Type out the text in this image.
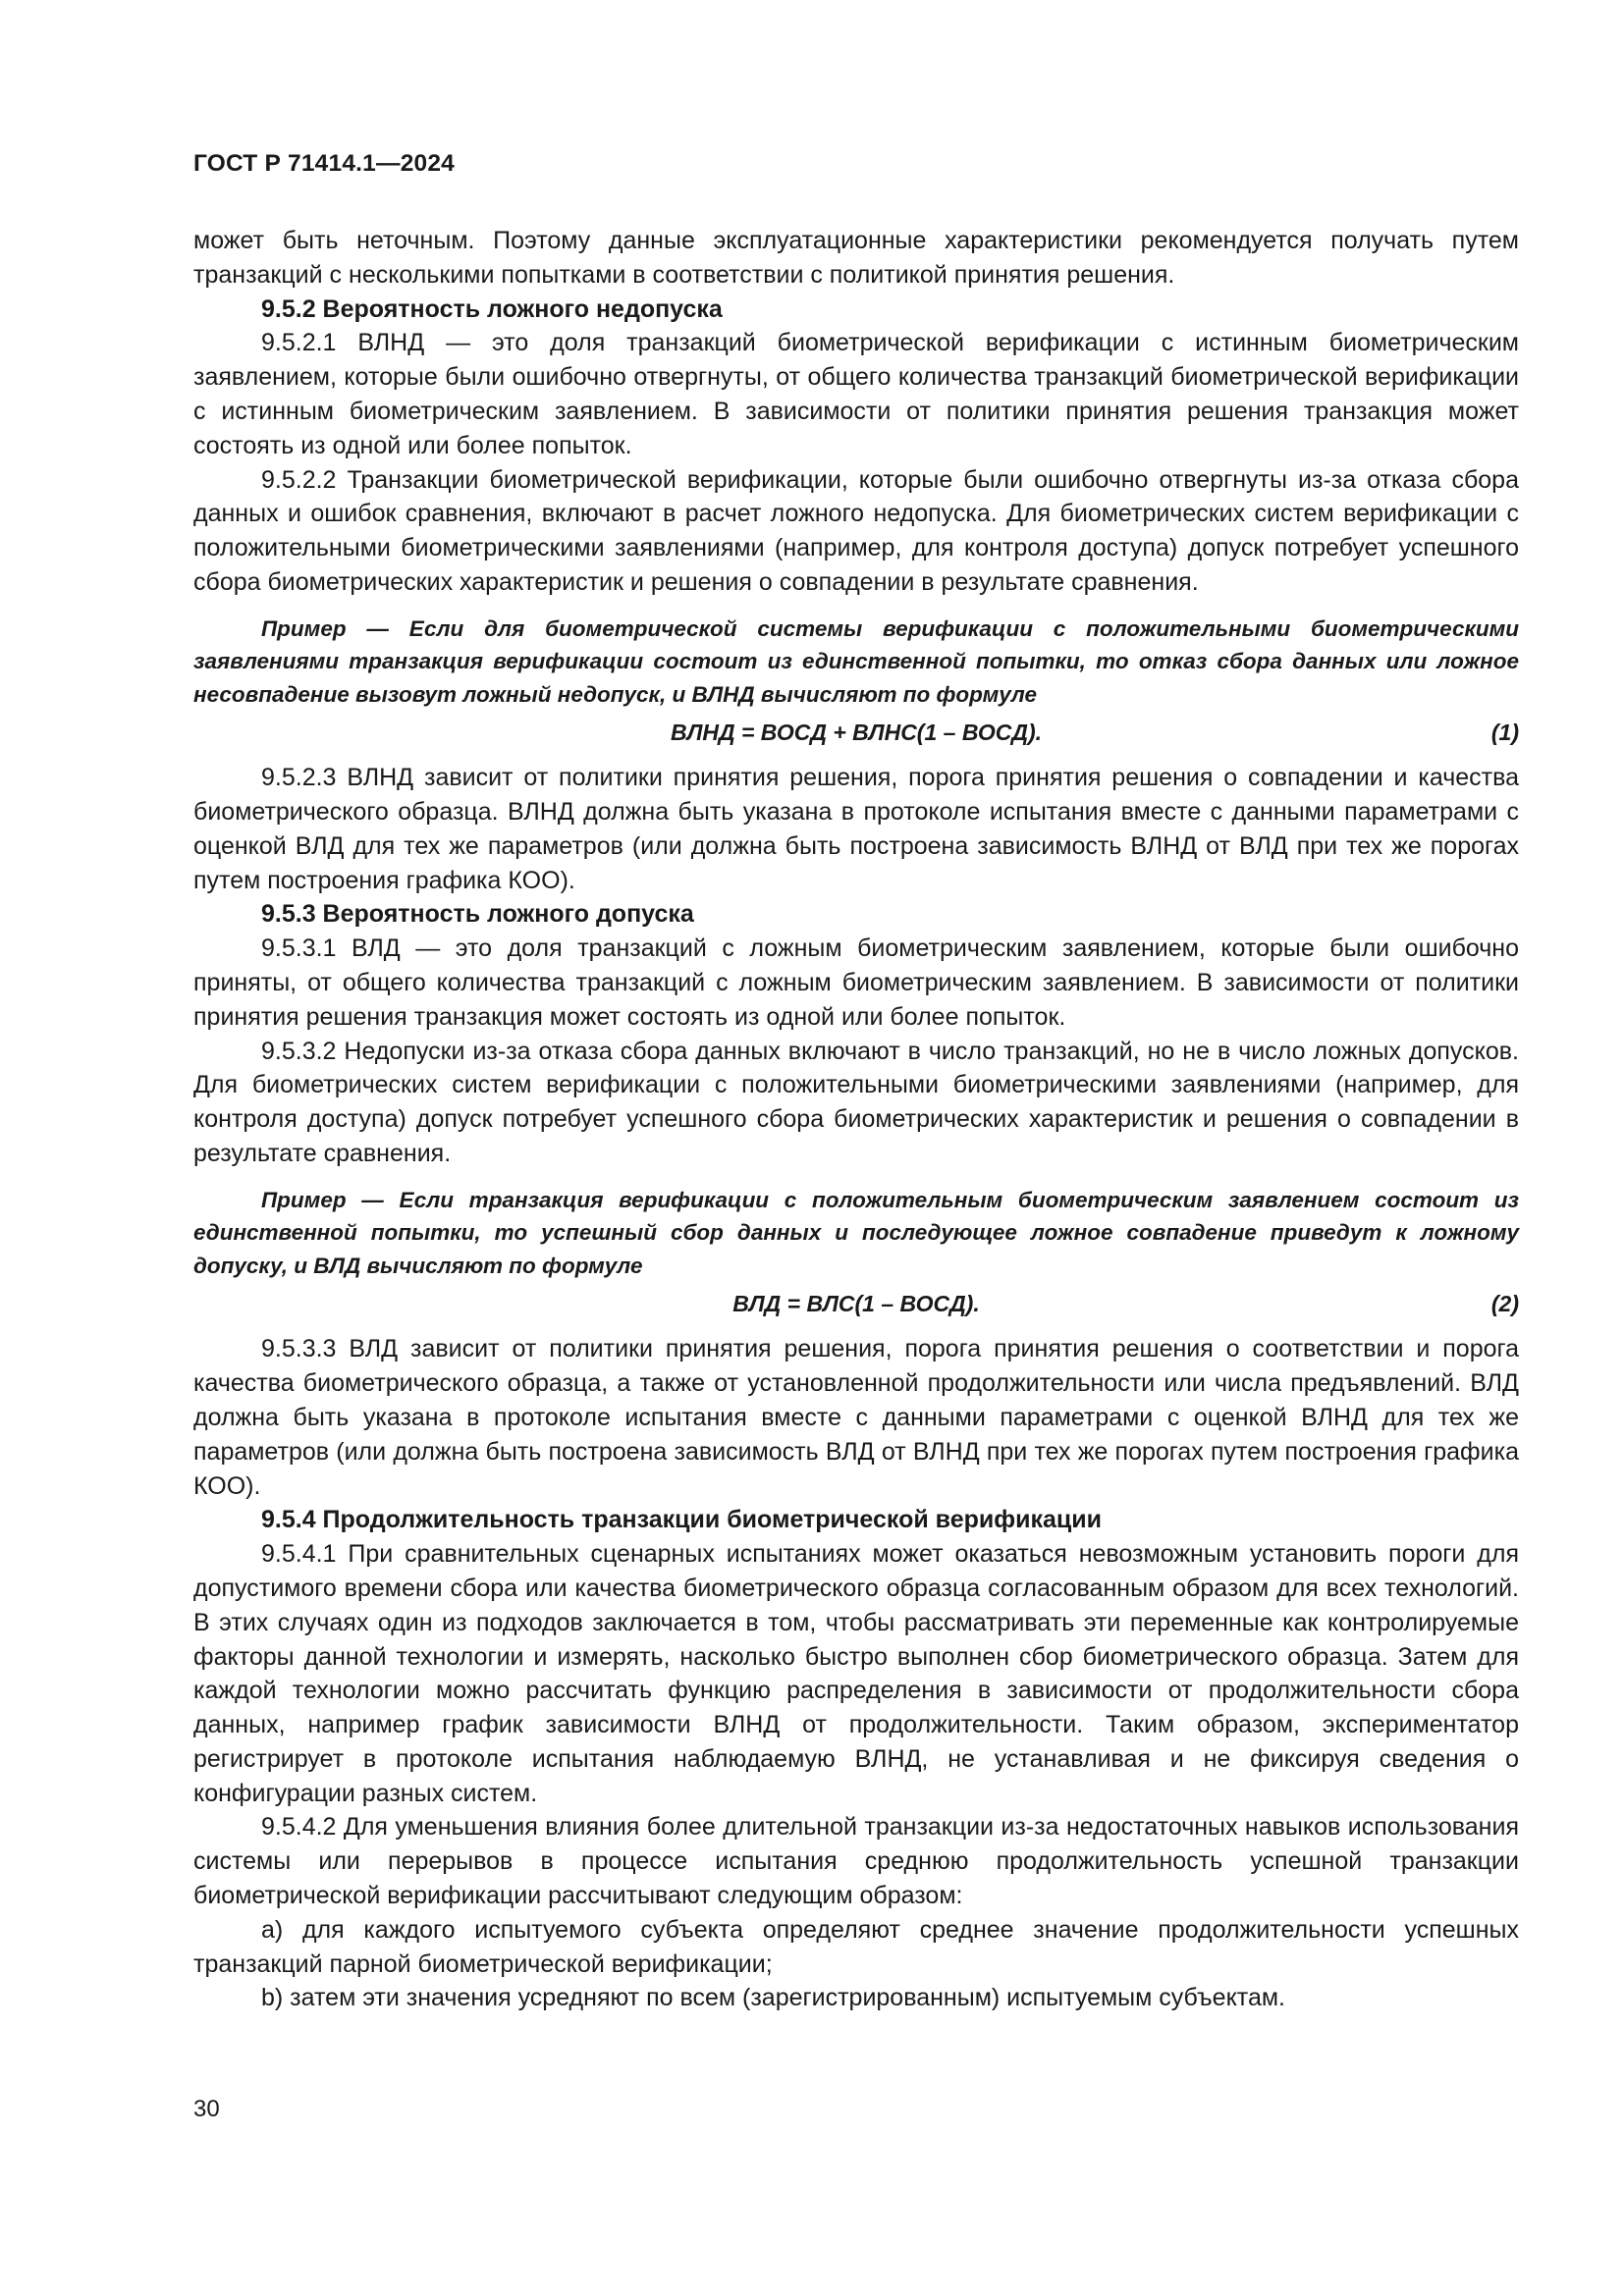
ГОСТ Р 71414.1—2024

может быть неточным. Поэтому данные эксплуатационные характеристики рекомендуется получать путем транзакций с несколькими попытками в соответствии с политикой принятия решения.

9.5.2 Вероятность ложного недопуска

9.5.2.1 ВЛНД — это доля транзакций биометрической верификации с истинным биометрическим заявлением, которые были ошибочно отвергнуты, от общего количества транзакций биометрической верификации с истинным биометрическим заявлением. В зависимости от политики принятия решения транзакция может состоять из одной или более попыток.

9.5.2.2 Транзакции биометрической верификации, которые были ошибочно отвергнуты из-за отказа сбора данных и ошибок сравнения, включают в расчет ложного недопуска. Для биометрических систем верификации с положительными биометрическими заявлениями (например, для контроля доступа) допуск потребует успешного сбора биометрических характеристик и решения о совпадении в результате сравнения.

Пример — Если для биометрической системы верификации с положительными биометрическими заявлениями транзакция верификации состоит из единственной попытки, то отказ сбора данных или ложное несовпадение вызовут ложный недопуск, и ВЛНД вычисляют по формуле

ВЛНД = ВОСД + ВЛНС(1 – ВОСД).	(1)

9.5.2.3 ВЛНД зависит от политики принятия решения, порога принятия решения о совпадении и качества биометрического образца. ВЛНД должна быть указана в протоколе испытания вместе с данными параметрами с оценкой ВЛД для тех же параметров (или должна быть построена зависимость ВЛНД от ВЛД при тех же порогах путем построения графика КОО).

9.5.3 Вероятность ложного допуска

9.5.3.1 ВЛД — это доля транзакций с ложным биометрическим заявлением, которые были ошибочно приняты, от общего количества транзакций с ложным биометрическим заявлением. В зависимости от политики принятия решения транзакция может состоять из одной или более попыток.

9.5.3.2 Недопуски из-за отказа сбора данных включают в число транзакций, но не в число ложных допусков. Для биометрических систем верификации с положительными биометрическими заявлениями (например, для контроля доступа) допуск потребует успешного сбора биометрических характеристик и решения о совпадении в результате сравнения.

Пример — Если транзакция верификации с положительным биометрическим заявлением состоит из единственной попытки, то успешный сбор данных и последующее ложное совпадение приведут к ложному допуску, и ВЛД вычисляют по формуле

ВЛД = ВЛС(1 – ВОСД).	(2)

9.5.3.3 ВЛД зависит от политики принятия решения, порога принятия решения о соответствии и порога качества биометрического образца, а также от установленной продолжительности или числа предъявлений. ВЛД должна быть указана в протоколе испытания вместе с данными параметрами с оценкой ВЛНД для тех же параметров (или должна быть построена зависимость ВЛД от ВЛНД при тех же порогах путем построения графика КОО).

9.5.4 Продолжительность транзакции биометрической верификации

9.5.4.1 При сравнительных сценарных испытаниях может оказаться невозможным установить пороги для допустимого времени сбора или качества биометрического образца согласованным образом для всех технологий. В этих случаях один из подходов заключается в том, чтобы рассматривать эти переменные как контролируемые факторы данной технологии и измерять, насколько быстро выполнен сбор биометрического образца. Затем для каждой технологии можно рассчитать функцию распределения в зависимости от продолжительности сбора данных, например график зависимости ВЛНД от продолжительности. Таким образом, экспериментатор регистрирует в протоколе испытания наблюдаемую ВЛНД, не устанавливая и не фиксируя сведения о конфигурации разных систем.

9.5.4.2 Для уменьшения влияния более длительной транзакции из-за недостаточных навыков использования системы или перерывов в процессе испытания среднюю продолжительность успешной транзакции биометрической верификации рассчитывают следующим образом:

a) для каждого испытуемого субъекта определяют среднее значение продолжительности успешных транзакций парной биометрической верификации;

b) затем эти значения усредняют по всем (зарегистрированным) испытуемым субъектам.

30
